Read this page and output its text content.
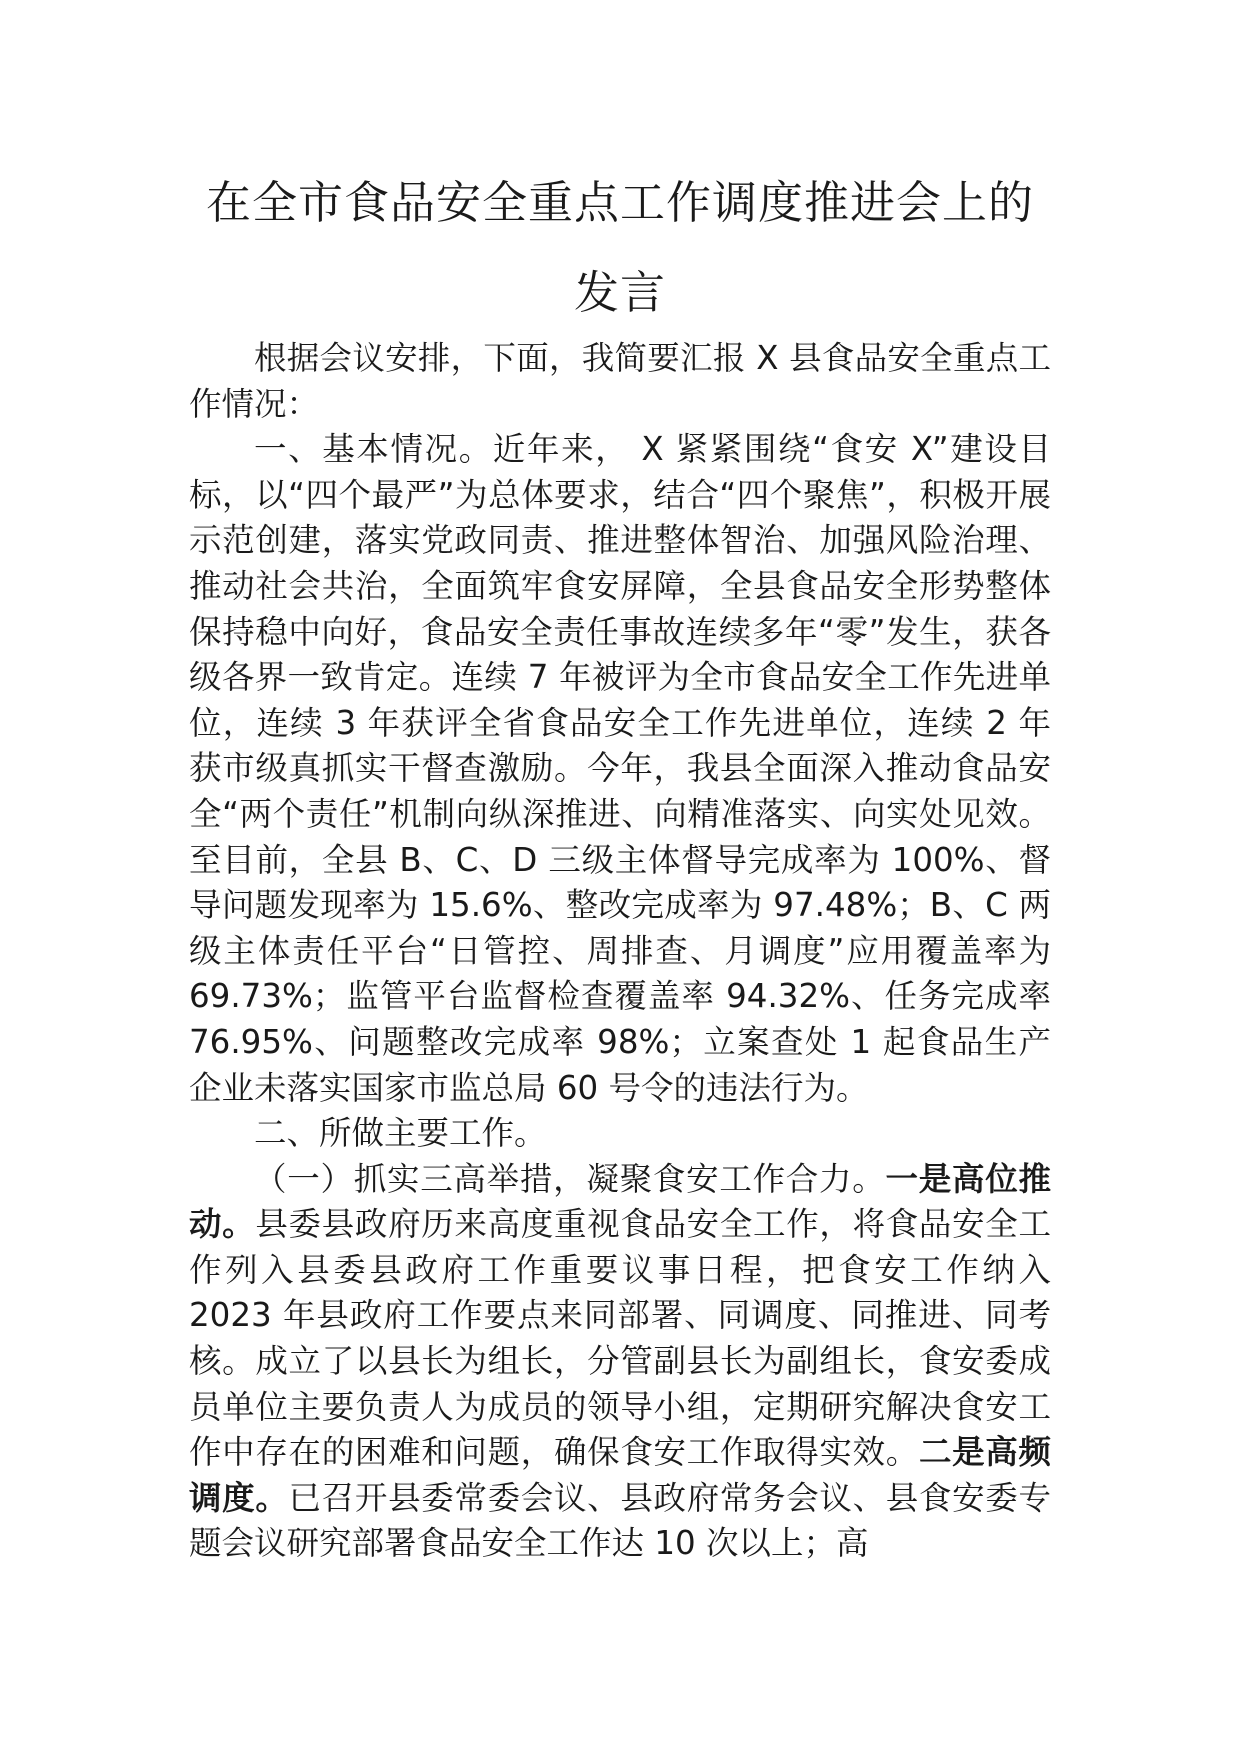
在全市食品安全重点工作调度推进会上的
发言

根据会议安排，下面，我简要汇报 X 县食品安全重点工作情况：

一、基本情况。近年来， X 紧紧围绕“食安 X”建设目标，以“四个最严”为总体要求，结合“四个聚焦”，积极开展示范创建，落实党政同责、推进整体智治、加强风险治理、推动社会共治，全面筑牢食安屏障，全县食品安全形势整体保持稳中向好，食品安全责任事故连续多年“零”发生，获各级各界一致肯定。连续 7 年被评为全市食品安全工作先进单位，连续 3 年获评全省食品安全工作先进单位，连续 2 年获市级真抓实干督查激励。今年，我县全面深入推动食品安全“两个责任”机制向纵深推进、向精准落实、向实处见效。至目前，全县 B、C、D 三级主体督导完成率为 100%、督导问题发现率为 15.6%、整改完成率为 97.48%；B、C 两级主体责任平台“日管控、周排查、月调度”应用覆盖率为 69.73%；监管平台监督检查覆盖率 94.32%、任务完成率 76.95%、问题整改完成率 98%；立案查处 1 起食品生产企业未落实国家市监总局 60 号令的违法行为。

二、所做主要工作。

（一）抓实三高举措，凝聚食安工作合力。一是高位推动。县委县政府历来高度重视食品安全工作，将食品安全工作列入县委县政府工作重要议事日程，把食安工作纳入 2023 年县政府工作要点来同部署、同调度、同推进、同考核。成立了以县长为组长，分管副县长为副组长，食安委成员单位主要负责人为成员的领导小组，定期研究解决食安工作中存在的困难和问题，确保食安工作取得实效。二是高频调度。已召开县委常委会议、县政府常务会议、县食安委专题会议研究部署食品安全工作达 10 次以上；高
